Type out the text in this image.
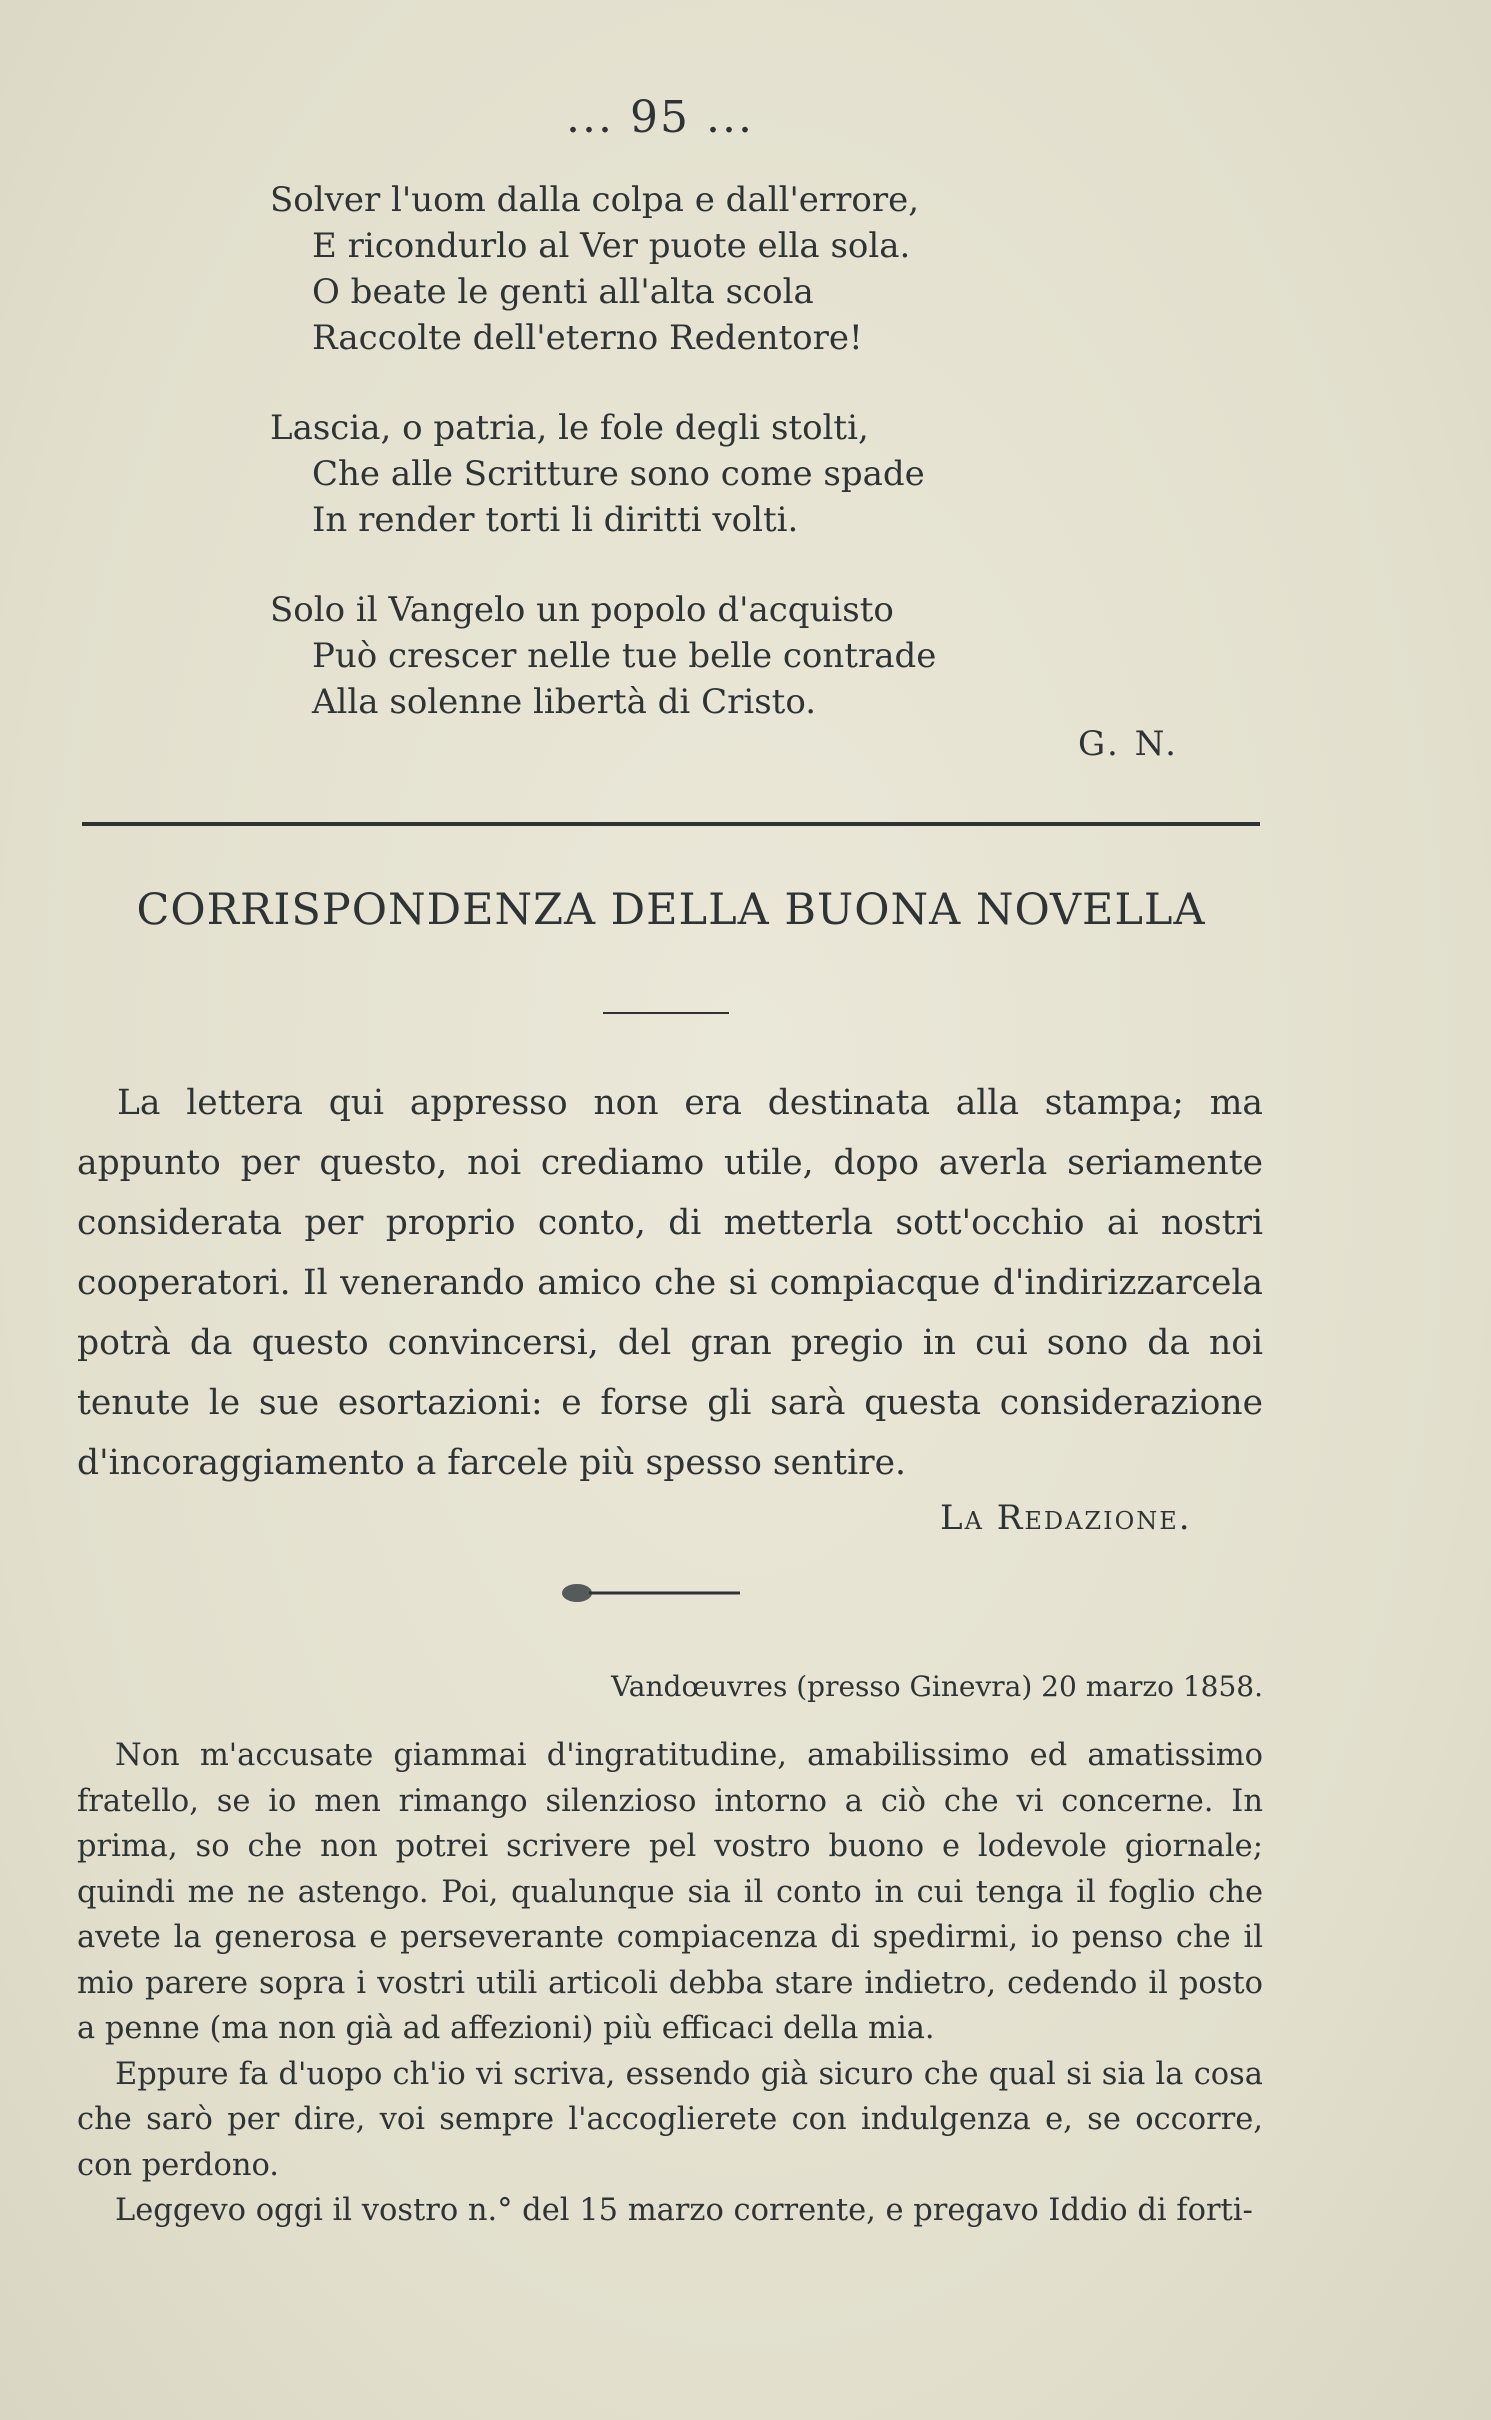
... 95 ...
Solver l'uom dalla colpa e dall'errore,
E ricondurlo al Ver puote ella sola.
O beate le genti all'alta scola
Raccolte dell'eterno Redentore!
Lascia, o patria, le fole degli stolti,
Che alle Scritture sono come spade
In render torti li diritti volti.
Solo il Vangelo un popolo d'acquisto
Può crescer nelle tue belle contrade
Alla solenne libertà di Cristo.
G. N.
CORRISPONDENZA DELLA BUONA NOVELLA
La lettera qui appresso non era destinata alla stampa; ma appunto per questo, noi crediamo utile, dopo averla seriamente considerata per proprio conto, di metterla sott'occhio ai nostri cooperatori. Il venerando amico che si compiacque d'indirizzarcela potrà da questo convincersi, del gran pregio in cui sono da noi tenute le sue esortazioni: e forse gli sarà questa considerazione d'incoraggiamento a farcele più spesso sentire.
La Redazione.
Vandœuvres (presso Ginevra) 20 marzo 1858.

Non m'accusate giammai d'ingratitudine, amabilissimo ed amatissimo fratello, se io men rimango silenzioso intorno a ciò che vi concerne. In prima, so che non potrei scrivere pel vostro buono e lodevole giornale; quindi me ne astengo. Poi, qualunque sia il conto in cui tenga il foglio che avete la generosa e perseverante compiacenza di spedirmi, io penso che il mio parere sopra i vostri utili articoli debba stare indietro, cedendo il posto a penne (ma non già ad affezioni) più efficaci della mia.

Eppure fa d'uopo ch'io vi scriva, essendo già sicuro che qual si sia la cosa che sarò per dire, voi sempre l'accoglierete con indulgenza e, se occorre, con perdono.

Leggevo oggi il vostro n.° del 15 marzo corrente, e pregavo Iddio di forti-
